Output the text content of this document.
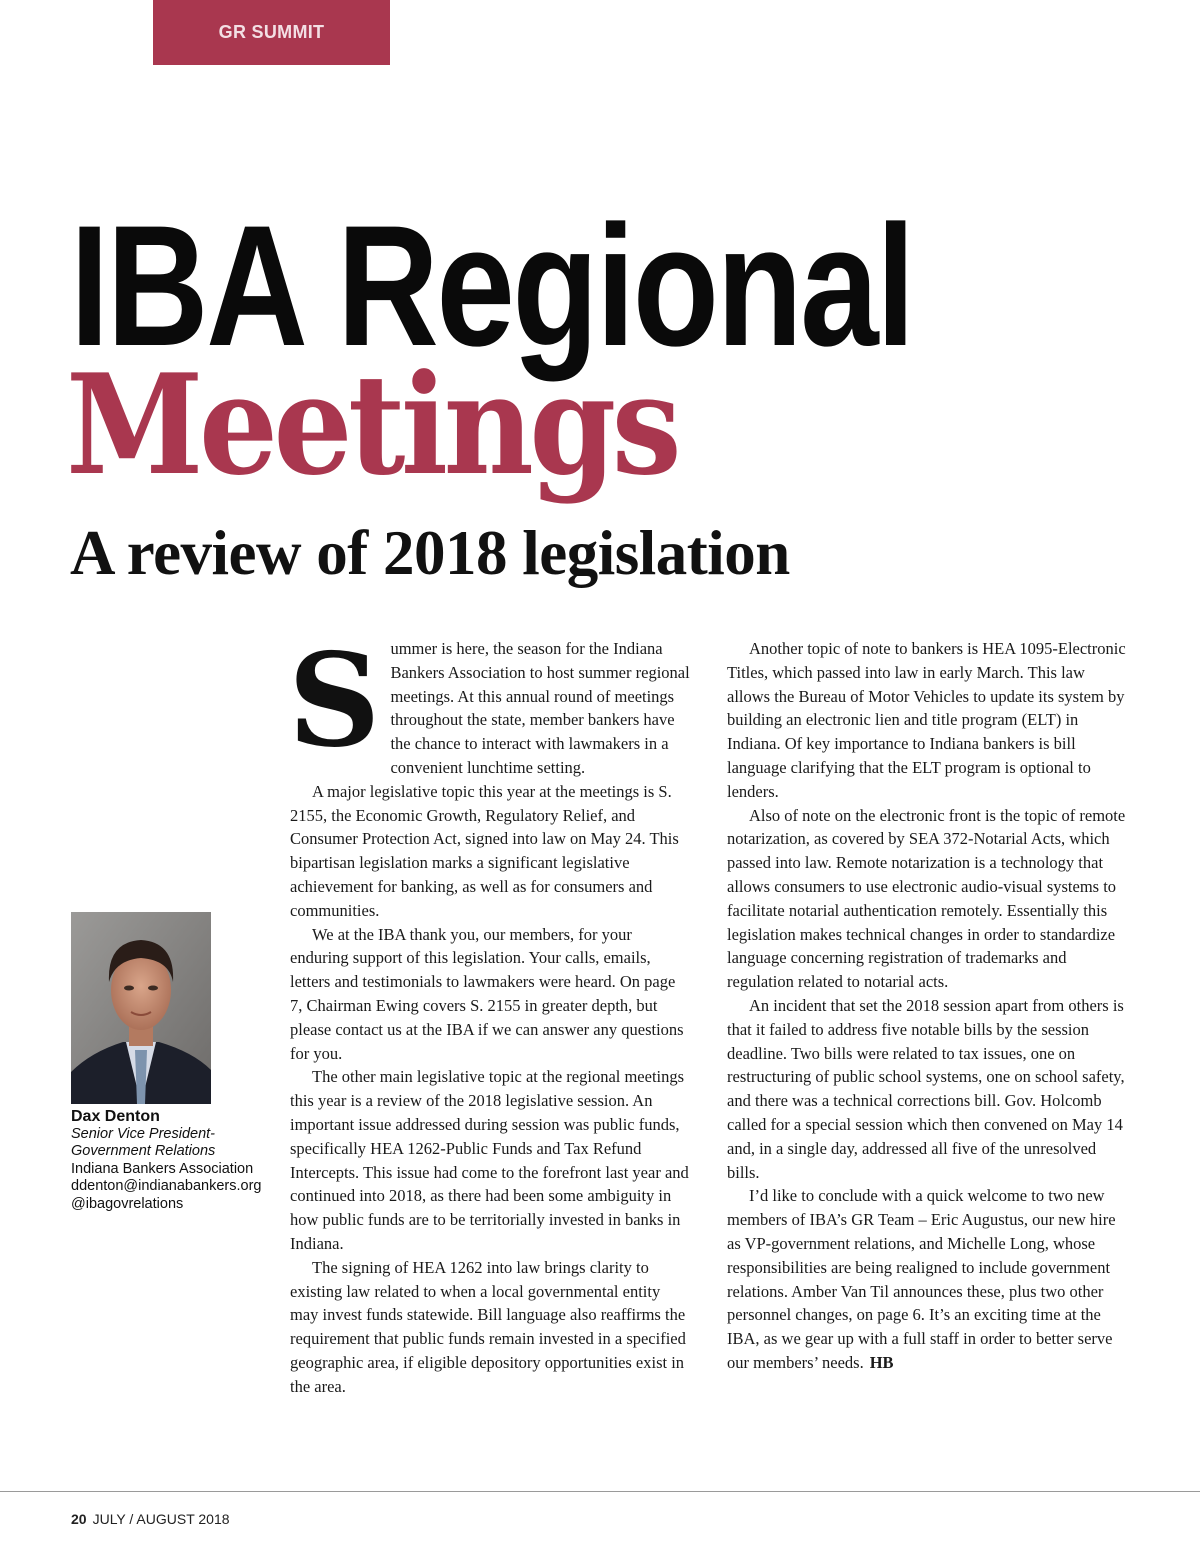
GR SUMMIT
IBA Regional
Meetings
A review of 2018 legislation
Dax Denton
Senior Vice President-
Government Relations
Indiana Bankers Association
ddenton@indianabankers.org
@ibagovrelations
S ummer is here, the season for the Indiana Bankers Association to host summer regional meetings. At this annual round of meetings throughout the state, member bankers have the chance to interact with lawmakers in a convenient lunchtime setting.

A major legislative topic this year at the meetings is S. 2155, the Economic Growth, Regulatory Relief, and Consumer Protection Act, signed into law on May 24. This bipartisan legislation marks a significant legislative achievement for banking, as well as for consumers and communities.

We at the IBA thank you, our members, for your enduring support of this legislation. Your calls, emails, letters and testimonials to lawmakers were heard. On page 7, Chairman Ewing covers S. 2155 in greater depth, but please contact us at the IBA if we can answer any questions for you.

The other main legislative topic at the regional meetings this year is a review of the 2018 legislative session. An important issue addressed during session was public funds, specifically HEA 1262-Public Funds and Tax Refund Intercepts. This issue had come to the forefront last year and continued into 2018, as there had been some ambiguity in how public funds are to be territorially invested in banks in Indiana.

The signing of HEA 1262 into law brings clarity to existing law related to when a local governmental entity may invest funds statewide. Bill language also reaffirms the requirement that public funds remain invested in a specified geographic area, if eligible depository opportunities exist in the area.

Another topic of note to bankers is HEA 1095-Electronic Titles, which passed into law in early March. This law allows the Bureau of Motor Vehicles to update its system by building an electronic lien and title program (ELT) in Indiana. Of key importance to Indiana bankers is bill language clarifying that the ELT program is optional to lenders.

Also of note on the electronic front is the topic of remote notarization, as covered by SEA 372-Notarial Acts, which passed into law. Remote notarization is a technology that allows consumers to use electronic audio-visual systems to facilitate notarial authentication remotely. Essentially this legislation makes technical changes in order to standardize language concerning registration of trademarks and regulation related to notarial acts.

An incident that set the 2018 session apart from others is that it failed to address five notable bills by the session deadline. Two bills were related to tax issues, one on restructuring of public school systems, one on school safety, and there was a technical corrections bill. Gov. Holcomb called for a special session which then convened on May 14 and, in a single day, addressed all five of the unresolved bills.

I’d like to conclude with a quick welcome to two new members of IBA’s GR Team – Eric Augustus, our new hire as VP-government relations, and Michelle Long, whose responsibilities are being realigned to include government relations. Amber Van Til announces these, plus two other personnel changes, on page 6. It’s an exciting time at the IBA, as we gear up with a full staff in order to better serve our members’ needs. HB

20 JULY / AUGUST 2018
